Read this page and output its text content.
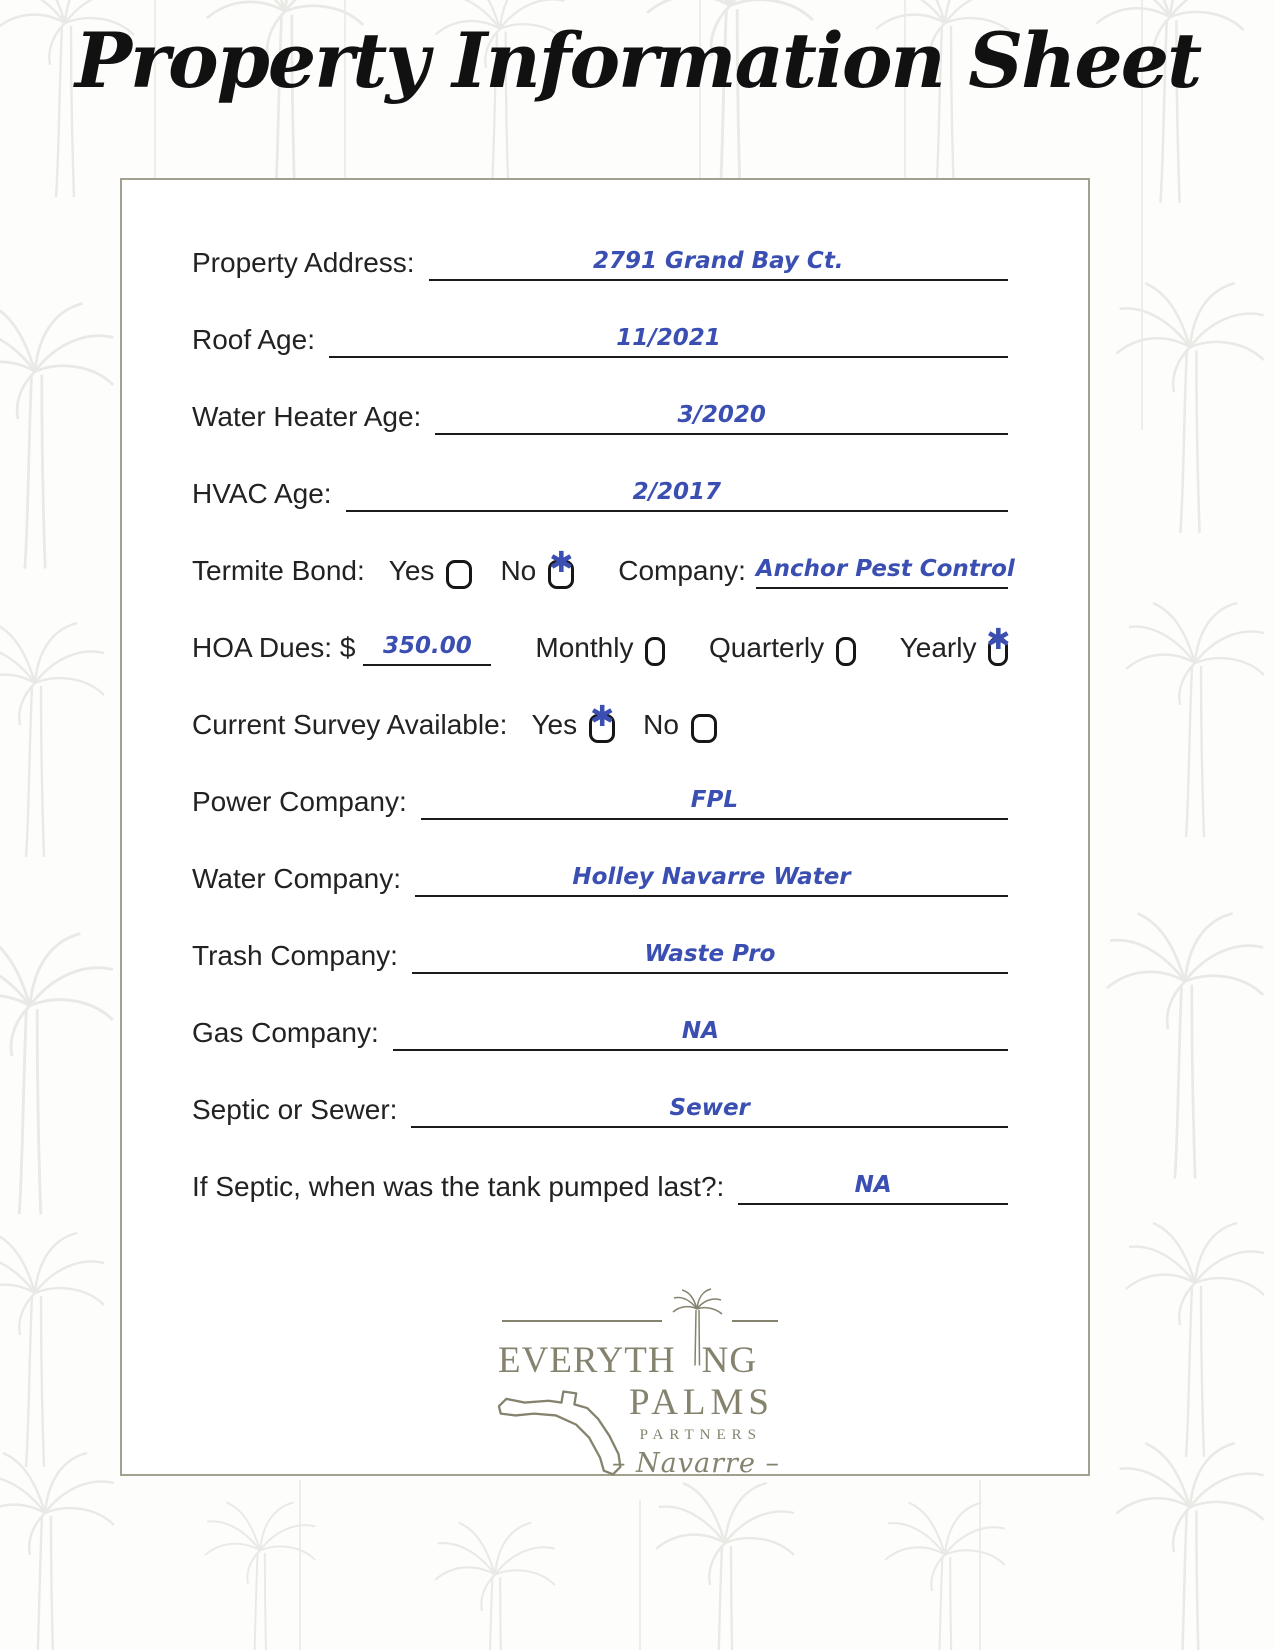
Property Information Sheet
Property Address:	2791 Grand Bay Ct.
Roof Age:	11/2021
Water Heater Age:	3/2020
HVAC Age:	2/2017
Termite Bond: Yes No ✱ Company: Anchor Pest Control
HOA Dues: $	350.00	Monthly	Quarterly	Yearly ✱
Current Survey Available: Yes ✱ No
Power Company:	FPL
Water Company:	Holley Navarre Water
Trash Company:	Waste Pro
Gas Company:	NA
Septic or Sewer:	Sewer
If Septic, when was the tank pumped last?:	NA
EVERYTH NG
PALMS
PARTNERS
– Navarre –
